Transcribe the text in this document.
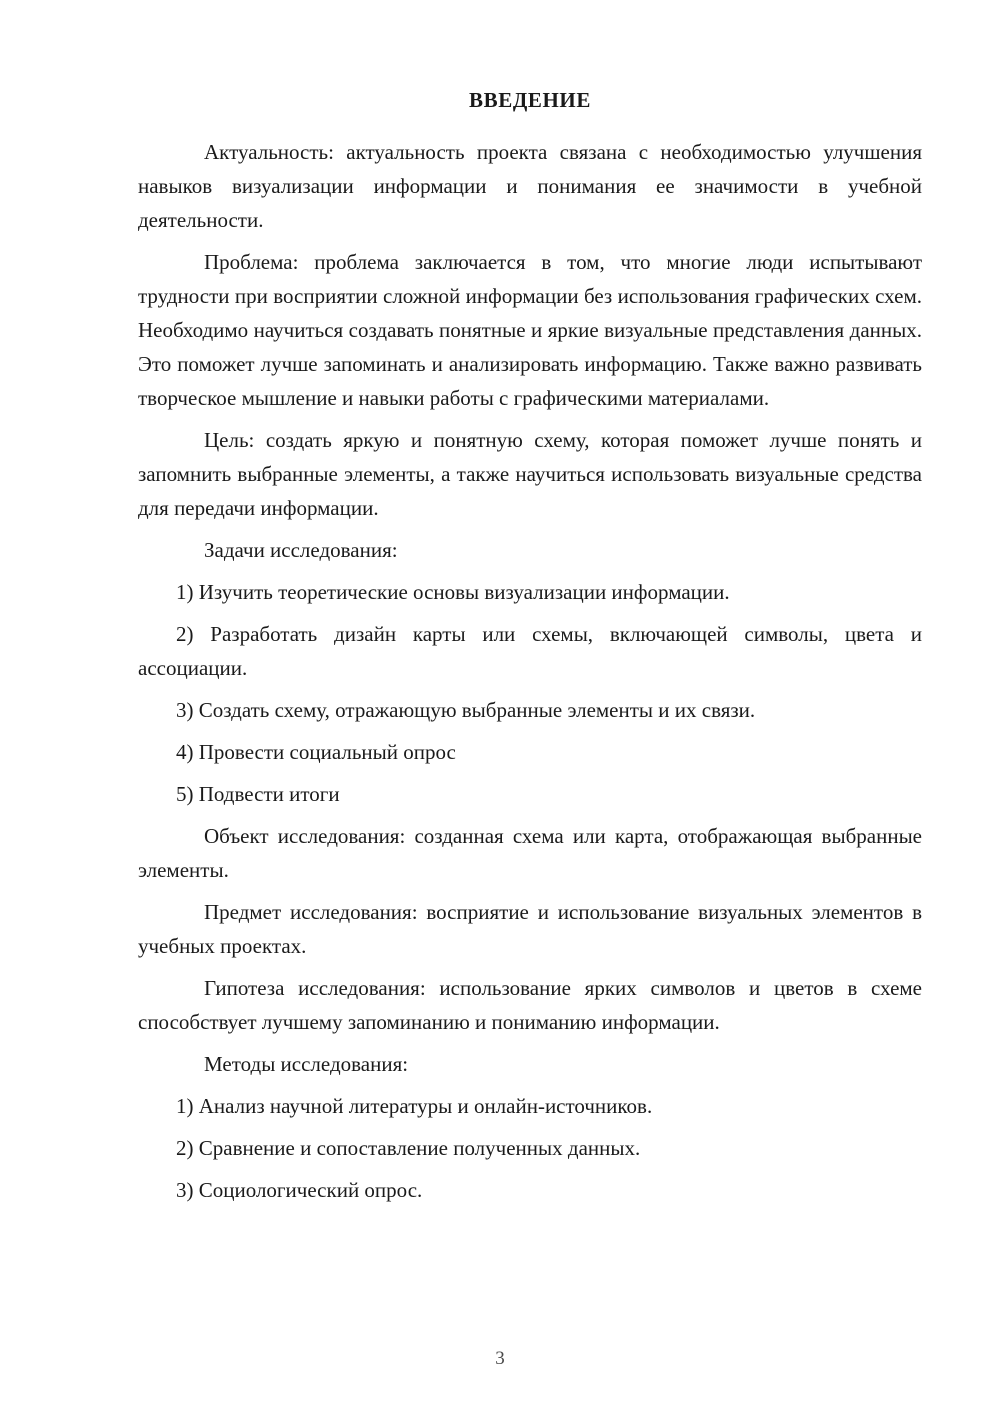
ВВЕДЕНИЕ

Актуальность: актуальность проекта связана с необходимостью улучшения навыков визуализации информации и понимания ее значимости в учебной деятельности.

Проблема: проблема заключается в том, что многие люди испытывают трудности при восприятии сложной информации без использования графических схем. Необходимо научиться создавать понятные и яркие визуальные представления данных. Это поможет лучше запоминать и анализировать информацию. Также важно развивать творческое мышление и навыки работы с графическими материалами.

Цель: создать яркую и понятную схему, которая поможет лучше понять и запомнить выбранные элементы, а также научиться использовать визуальные средства для передачи информации.

Задачи исследования:

1) Изучить теоретические основы визуализации информации.

2) Разработать дизайн карты или схемы, включающей символы, цвета и ассоциации.

3) Создать схему, отражающую выбранные элементы и их связи.

4) Провести социальный опрос

5) Подвести итоги

Объект исследования: созданная схема или карта, отображающая выбранные элементы.

Предмет исследования: восприятие и использование визуальных элементов в учебных проектах.

Гипотеза исследования: использование ярких символов и цветов в схеме способствует лучшему запоминанию и пониманию информации.

Методы исследования:

1) Анализ научной литературы и онлайн-источников.

2) Сравнение и сопоставление полученных данных.

3) Социологический опрос.

3
